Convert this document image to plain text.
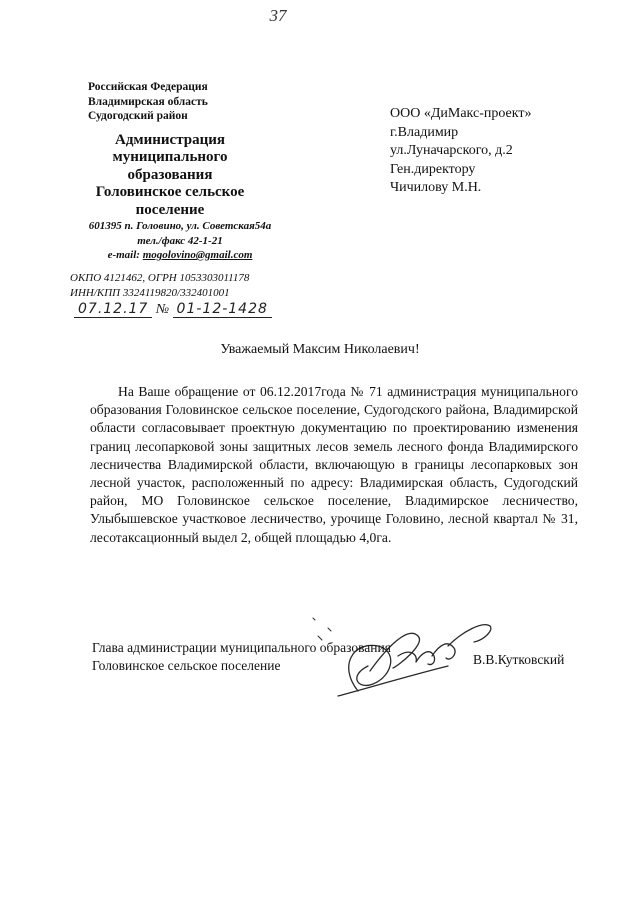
37
Российская Федерация
Владимирская область
Судогодский район
Администрация
муниципального
образования
Головинское сельское
поселение
601395 п. Головино, ул. Советская54а
тел./факс 42-1-21
e-mail: mogolovino@gmail.com
ОКПО 4121462, ОГРН 1053303011178
ИНН/КПП 3324119820/332401001
07.12.17 № 01-12-1428
ООО «ДиМакс-проект»
г.Владимир
ул.Луначарского, д.2
Ген.директору
Чичилову М.Н.
Уважаемый Максим Николаевич!
На Ваше обращение от 06.12.2017года № 71 администрация муниципального образования Головинское сельское поселение, Судогодского района, Владимирской области согласовывает проектную документацию по проектированию изменения границ лесопарковой зоны защитных лесов земель лесного фонда Владимирского лесничества Владимирской области, включающую в границы лесопарковых зон лесной участок, расположенный по адресу: Владимирская область, Судогодский район, МО Головинское сельское поселение, Владимирское лесничество, Улыбышевское участковое лесничество, урочище Головино, лесной квартал № 31, лесотаксационный выдел 2, общей площадью 4,0га.
Глава администрации муниципального образования
Головинское сельское поселение	В.В.Кутковский
